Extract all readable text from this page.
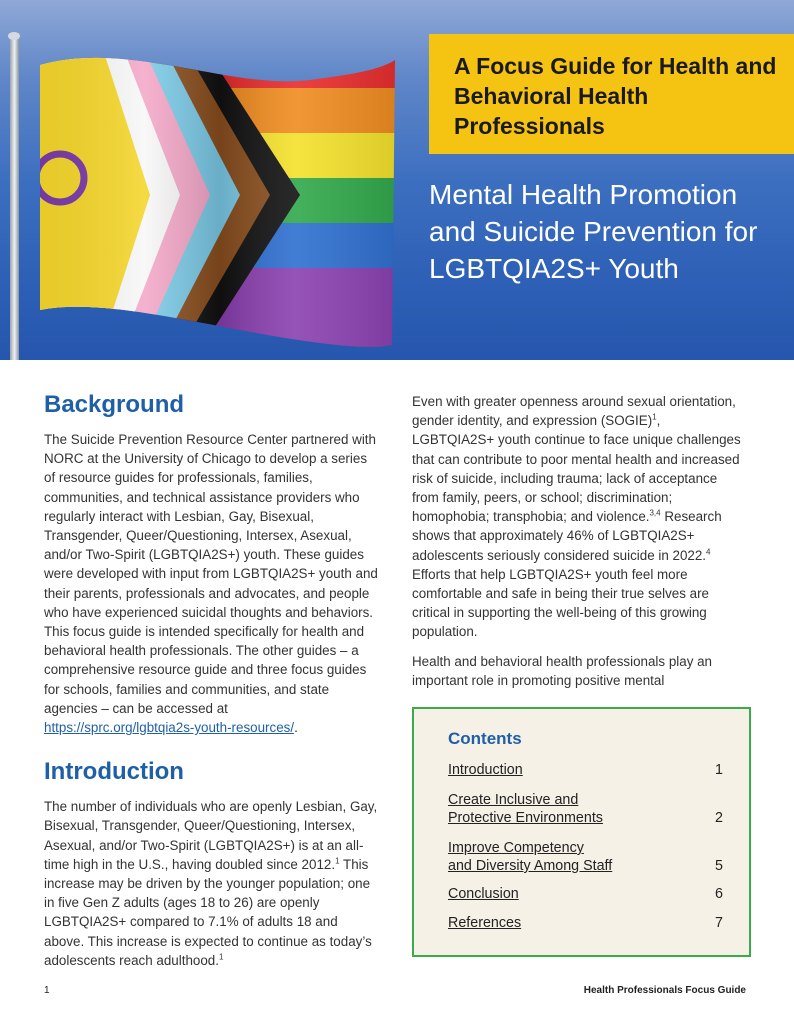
A Focus Guide for Health and Behavioral Health Professionals
Mental Health Promotion and Suicide Prevention for LGBTQIA2S+ Youth
Background

The Suicide Prevention Resource Center partnered with NORC at the University of Chicago to develop a series of resource guides for professionals, families, communities, and technical assistance providers who regularly interact with Lesbian, Gay, Bisexual, Transgender, Queer/Questioning, Intersex, Asexual, and/or Two-Spirit (LGBTQIA2S+) youth. These guides were developed with input from LGBTQIA2S+ youth and their parents, professionals and advocates, and people who have experienced suicidal thoughts and behaviors. This focus guide is intended specifically for health and behavioral health professionals. The other guides – a comprehensive resource guide and three focus guides for schools, families and communities, and state agencies – can be accessed at https://sprc.org/lgbtqia2s-youth-resources/.

Introduction

The number of individuals who are openly Lesbian, Gay, Bisexual, Transgender, Queer/Questioning, Intersex, Asexual, and/or Two-Spirit (LGBTQIA2S+) is at an all-time high in the U.S., having doubled since 2012.$^1$ This increase may be driven by the younger population; one in five Gen Z adults (ages 18 to 26) are openly LGBTQIA2S+ compared to 7.1% of adults 18 and above. This increase is expected to continue as today’s adolescents reach adulthood.$^1$

Even with greater openness around sexual orientation, gender identity, and expression (SOGIE)$^1$, LGBTQIA2S+ youth continue to face unique challenges that can contribute to poor mental health and increased risk of suicide, including trauma; lack of acceptance from family, peers, or school; discrimination; homophobia; transphobia; and violence.$^{3,4}$ Research shows that approximately 46% of LGBTQIA2S+ adolescents seriously considered suicide in 2022.$^4$ Efforts that help LGBTQIA2S+ youth feel more comfortable and safe in being their true selves are critical in supporting the well-being of this growing population.

Health and behavioral health professionals play an important role in promoting positive mental

Contents
Introduction	1
Create Inclusive and
Protective Environments	2
Improve Competency
and Diversity Among Staff	5
Conclusion	6
References	7
1	Health Professionals Focus Guide
